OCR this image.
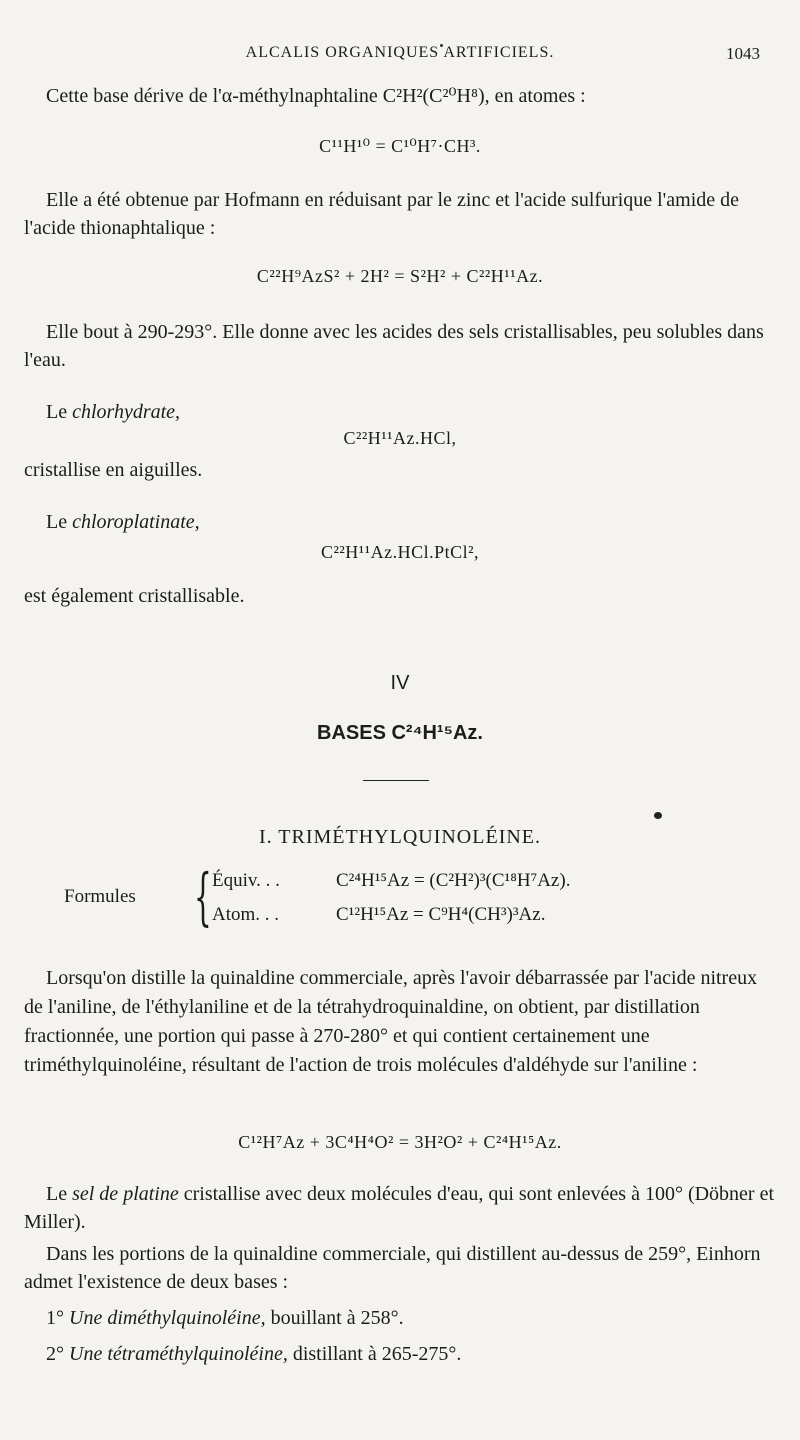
ALCALIS ORGANIQUES ARTIFICIELS.	1043
Cette base dérive de l'α-méthylnaphtaline C²H²(C²⁰H⁸), en atomes :
C¹¹H¹⁰ = C¹⁰H⁷·CH³.
Elle a été obtenue par Hofmann en réduisant par le zinc et l'acide sulfurique l'amide de l'acide thionaphtalique :
C²²H⁹AzS² + 2H² = S²H² + C²²H¹¹Az.
Elle bout à 290-293°. Elle donne avec les acides des sels cristallisables, peu solubles dans l'eau.
Le chlorhydrate,
C²²H¹¹Az.HCl,
cristallise en aiguilles.
Le chloroplatinate,
C²²H¹¹Az.HCl.PtCl²,
est également cristallisable.
IV
BASES C²⁴H¹⁵Az.
I. TRIMÉTHYLQUINOLÉINE.
Formules { Équiv. . .	C²⁴H¹⁵Az = (C²H²)³(C¹⁸H⁷Az).
Atom. . .	C¹²H¹⁵Az = C⁹H⁴(CH³)³Az.
Lorsqu'on distille la quinaldine commerciale, après l'avoir débarrassée par l'acide nitreux de l'aniline, de l'éthylaniline et de la tétrahydroquinaldine, on obtient, par distillation fractionnée, une portion qui passe à 270-280° et qui contient certainement une triméthylquinoléine, résultant de l'action de trois molécules d'aldéhyde sur l'aniline :
C¹²H⁷Az + 3C⁴H⁴O² = 3H²O² + C²⁴H¹⁵Az.
Le sel de platine cristallise avec deux molécules d'eau, qui sont enlevées à 100° (Döbner et Miller).
Dans les portions de la quinaldine commerciale, qui distillent au-dessus de 259°, Einhorn admet l'existence de deux bases :
1° Une diméthylquinoléine, bouillant à 258°.
2° Une tétraméthylquinoléine, distillant à 265-275°.
